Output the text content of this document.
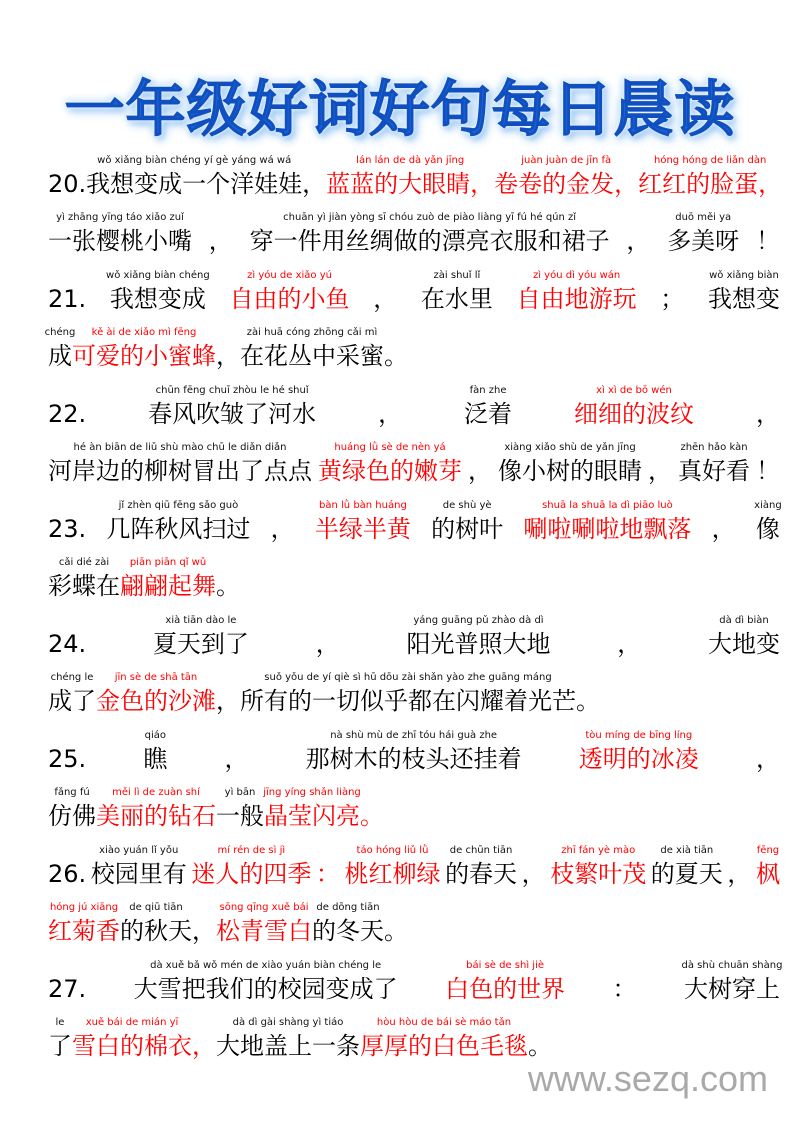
一年级好词好句每日晨读
20.
wǒ xiǎng biàn chéng yí gè yáng wá wá
我想变成一个洋娃娃 ，
lán lán de dà yǎn jīng
蓝蓝的大眼睛，
juàn juàn de jīn fà
卷卷的金发，
hóng hóng de liǎn dàn
红红的脸蛋，
yì zhāng yīng táo xiǎo zuǐ
一张樱桃小嘴 ，
chuān yì jiàn yòng sī chóu zuò de piào liàng yī fú hé qún zǐ
穿一件用丝绸做的漂亮衣服和裙子 ，
duō měi ya
多美呀 ！
21.
wǒ xiǎng biàn chéng
我想变成
zì yóu de xiǎo yú
自由的小鱼 ，
zài shuǐ lǐ
在水里
zì yóu dì yóu wán
自由地游玩 ；
wǒ xiǎng biàn
我想变
chéng
成
kě ài de xiǎo mì fēng
可爱的小蜜蜂 ，
zài huā cóng zhōng cǎi mì
在花丛中采蜜 。
22.
chūn fēng chuī zhòu le hé shuǐ
春风吹皱了河水	，
fàn zhe
泛着
xì xì de bō wén
细细的波纹	，
hé àn biān de liǔ shù mào chū le diǎn diǎn
河岸边的柳树冒出了点点
huáng lǜ sè de nèn yá
黄绿色的嫩芽 ，
xiàng xiǎo shù de yǎn jīng
像小树的眼睛 ，
zhēn hǎo kàn
真好看 ！
23.
jǐ zhèn qiū fēng sǎo guò
几阵秋风扫过 ，
bàn lǜ bàn huáng
半绿半黄
de shù yè
的树叶
shuā la shuā la dì piāo luò
唰啦唰啦地飘落 ，
xiàng
像
cǎi dié zài
彩蝶在
piān piān qǐ wǔ
翩翩起舞 。
24.
xià tiān dào le
夏天到了	，
yáng guāng pǔ zhào dà dì
阳光普照大地	，
dà dì biàn
大地变
chéng le
成了
jīn sè de shā tān
金色的沙滩 ，
suǒ yǒu de yí qiè sì hū dōu zài shǎn yào zhe guāng máng
所有的一切似乎都在闪耀着光芒 。
25.
qiáo
瞧 ，
nà shù mù de zhī tóu hái guà zhe
那树木的枝头还挂着
tòu míng de bīng líng
透明的冰凌 ，
fǎng fú
仿佛
měi lì de zuàn shí
美丽的钻石
yì bān
一般
jīng yíng shǎn liàng
晶莹闪亮 。
26.
xiào yuán lǐ yǒu
校园里有
mí rén de sì jì
迷人的四季 ：
táo hóng liǔ lǜ
桃红柳绿
de chūn tiān
的春天 ，
zhī fán yè mào
枝繁叶茂
de xià tiān
的夏天 ，
fēng
枫
hóng jú xiāng
红菊香
de qiū tiān
的秋天 ，
sōng qīng xuě bái
松青雪白
de dōng tiān
的冬天 。
27.
dà xuě bǎ wǒ mén de xiào yuán biàn chéng le
大雪把我们的校园变成了
bái sè de shì jiè
白色的世界 ：
dà shù chuān shàng
大树穿上
le
了
xuě bái de mián yī
雪白的棉衣 ，
dà dì gài shàng yì tiáo
大地盖上一条
hòu hòu de bái sè máo tǎn
厚厚的白色毛毯 。
www.sezq.com
